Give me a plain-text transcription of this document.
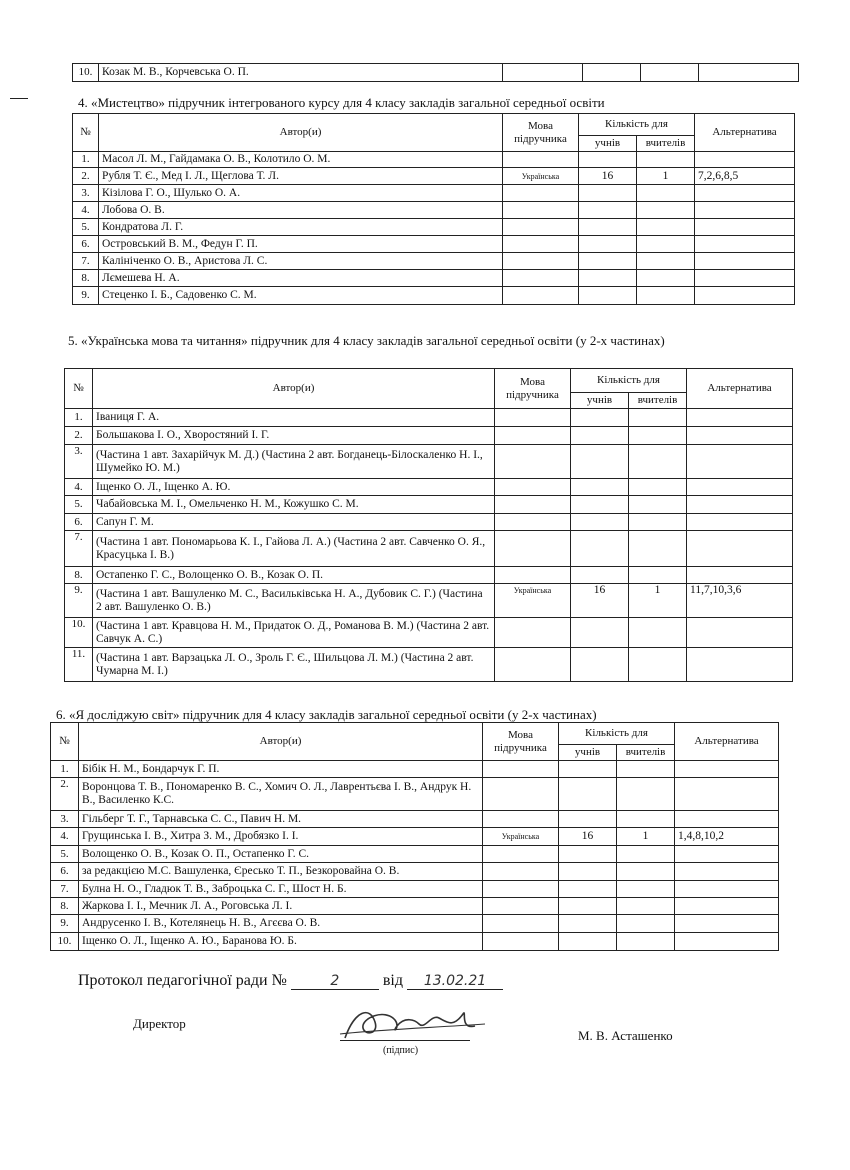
10.	Козак М. В., Корчевська О. П.				
4. «Мистецтво» підручник інтегрованого курсу для 4 класу закладів загальної середньої освіти
№	Автор(и)	Мова підручника	Кількість для		Альтернатива
			учнів	вчителів	
1.	Масол Л. М., Гайдамака О. В., Колотило О. М.				
2.	Рубля Т. Є., Мед І. Л., Щеглова Т. Л.	Українська	16	1	7,2,6,8,5
3.	Кізілова Г. О., Шулько О. А.				
4.	Лобова О. В.				
5.	Кондратова Л. Г.				
6.	Островський В. М., Федун Г. П.				
7.	Калініченко О. В., Аристова Л. С.				
8.	Лємешева Н. А.				
9.	Стеценко І. Б., Садовенко С. М.				
5. «Українська мова та читання» підручник для 4 класу закладів загальної середньої освіти (у 2-х частинах)
№	Автор(и)	Мова підручника	Кількість для		Альтернатива
			учнів	вчителів	
1.	Іваниця Г. А.				
2.	Большакова І. О., Хворостяний І. Г.				
3.	(Частина 1 авт. Захарійчук М. Д.) (Частина 2 авт. Богданець-Білоскаленко Н. І., Шумейко Ю. М.)				
4.	Іщенко О. Л., Іщенко А. Ю.				
5.	Чабайовська М. І., Омельченко Н. М., Кожушко С. М.				
6.	Сапун Г. М.				
7.	(Частина 1 авт. Пономарьова К. І., Гайова Л. А.) (Частина 2 авт. Савченко О. Я., Красуцька І. В.)				
8.	Остапенко Г. С., Волощенко О. В., Козак О. П.				
9.	(Частина 1 авт. Вашуленко М. С., Васильківська Н. А., Дубовик С. Г.) (Частина 2 авт. Вашуленко О. В.)	Українська	16	1	11,7,10,3,6
10.	(Частина 1 авт. Кравцова Н. М., Придаток О. Д., Романова В. М.) (Частина 2 авт. Савчук А. С.)				
11.	(Частина 1 авт. Варзацька Л. О., Зроль Г. Є., Шильцова Л. М.) (Частина 2 авт. Чумарна М. І.)				
6. «Я досліджую світ» підручник для 4 класу закладів загальної середньої освіти (у 2-х частинах)
№	Автор(и)	Мова підручника	Кількість для		Альтернатива
			учнів	вчителів	
1.	Бібік Н. М., Бондарчук Г. П.				
2.	Воронцова Т. В., Пономаренко В. С., Хомич О. Л., Лаврентьєва І. В., Андрук Н. В., Василенко К.С.				
3.	Гільберг Т. Г., Тарнавська С. С., Павич Н. М.				
4.	Грущинська І. В., Хитра З. М., Дробязко І. І.	Українська	16	1	1,4,8,10,2
5.	Волощенко О. В., Козак О. П., Остапенко Г. С.				
6.	за редакцією М.С. Вашуленка, Єресько Т. П., Безкоровайна О. В.				
7.	Булна Н. О., Гладюк Т. В., Заброцька С. Г., Шост Н. Б.				
8.	Жаркова І. І., Мечник Л. А., Роговська Л. І.				
9.	Андрусенко І. В., Котелянець Н. В., Агєєва О. В.				
10.	Іщенко О. Л., Іщенко А. Ю., Баранова Ю. Б.				
Протокол педагогічної ради №	2	від 13.02.21
Директор
(підпис)
М. В. Асташенко
